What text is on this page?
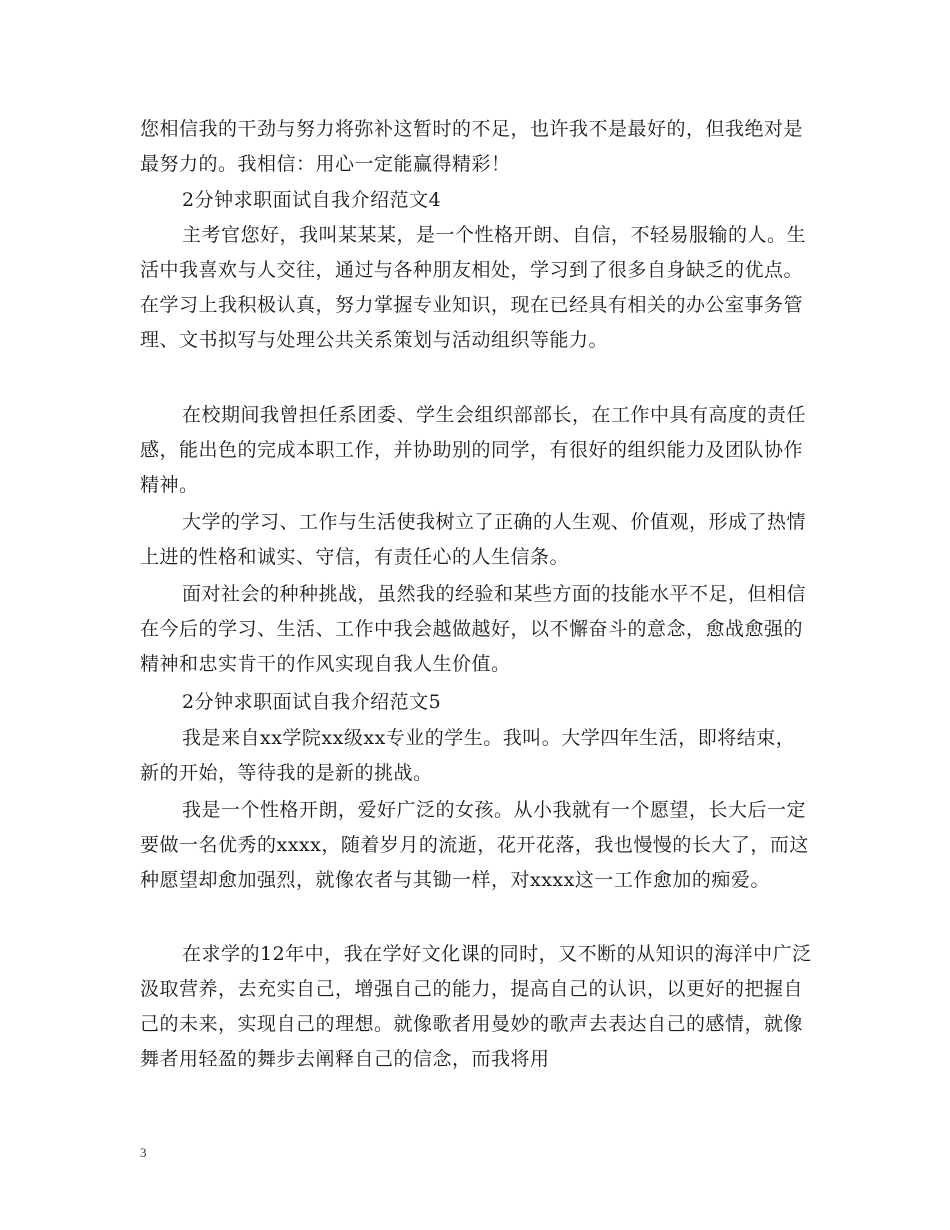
您相信我的干劲与努力将弥补这暂时的不足，也许我不是最好的，但我绝对是最努力的。我相信：用心一定能赢得精彩！

2分钟求职面试自我介绍范文4

主考官您好，我叫某某某，是一个性格开朗、自信，不轻易服输的人。生活中我喜欢与人交往，通过与各种朋友相处，学习到了很多自身缺乏的优点。在学习上我积极认真，努力掌握专业知识，现在已经具有相关的办公室事务管理、文书拟写与处理公共关系策划与活动组织等能力。

在校期间我曾担任系团委、学生会组织部部长，在工作中具有高度的责任感，能出色的完成本职工作，并协助别的同学，有很好的组织能力及团队协作精神。

大学的学习、工作与生活使我树立了正确的人生观、价值观，形成了热情上进的性格和诚实、守信，有责任心的人生信条。

面对社会的种种挑战，虽然我的经验和某些方面的技能水平不足，但相信在今后的学习、生活、工作中我会越做越好，以不懈奋斗的意念，愈战愈强的精神和忠实肯干的作风实现自我人生价值。

2分钟求职面试自我介绍范文5

我是来自xx学院xx级xx专业的学生。我叫。大学四年生活，即将结束，新的开始，等待我的是新的挑战。

我是一个性格开朗，爱好广泛的女孩。从小我就有一个愿望，长大后一定要做一名优秀的xxxx，随着岁月的流逝，花开花落，我也慢慢的长大了，而这种愿望却愈加强烈，就像农者与其锄一样，对xxxx这一工作愈加的痴爱。

在求学的12年中，我在学好文化课的同时，又不断的从知识的海洋中广泛汲取营养，去充实自己，增强自己的能力，提高自己的认识，以更好的把握自己的未来，实现自己的理想。就像歌者用曼妙的歌声去表达自己的感情，就像舞者用轻盈的舞步去阐释自己的信念，而我将用

3
